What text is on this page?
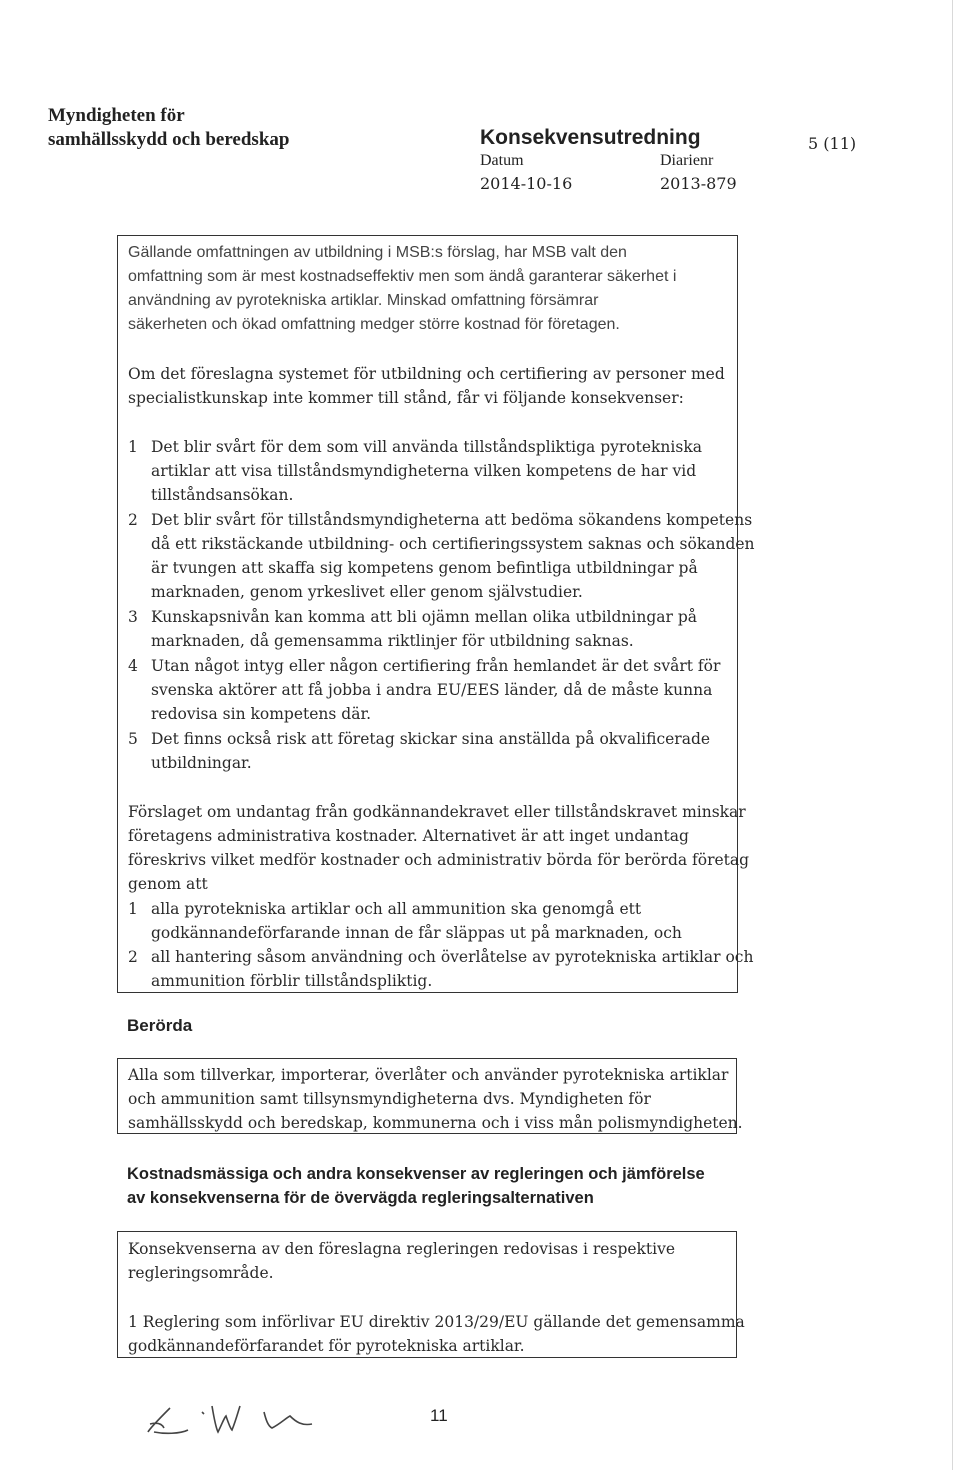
Myndigheten för
samhällsskydd och beredskap	Konsekvensutredning
Datum	Diarienr
2014-10-16	2013-879
5 (11)
Gällande omfattningen av utbildning i MSB:s förslag, har MSB valt den
omfattning som är mest kostnadseffektiv men som ändå garanterar säkerhet i
användning av pyrotekniska artiklar. Minskad omfattning försämrar
säkerheten och ökad omfattning medger större kostnad för företagen.
Om det föreslagna systemet för utbildning och certifiering av personer med
specialistkunskap inte kommer till stånd, får vi följande konsekvenser:
1 Det blir svårt för dem som vill använda tillståndspliktiga pyrotekniska
artiklar att visa tillståndsmyndigheterna vilken kompetens de har vid
tillståndsansökan.
2 Det blir svårt för tillståndsmyndigheterna att bedöma sökandens kompetens
då ett rikstäckande utbildning- och certifieringssystem saknas och sökanden
är tvungen att skaffa sig kompetens genom befintliga utbildningar på
marknaden, genom yrkeslivet eller genom självstudier.
3 Kunskapsnivån kan komma att bli ojämn mellan olika utbildningar på
marknaden, då gemensamma riktlinjer för utbildning saknas.
4 Utan något intyg eller någon certifiering från hemlandet är det svårt för
svenska aktörer att få jobba i andra EU/EES länder, då de måste kunna
redovisa sin kompetens där.
5 Det finns också risk att företag skickar sina anställda på okvalificerade
utbildningar.
Förslaget om undantag från godkännandekravet eller tillståndskravet minskar
företagens administrativa kostnader. Alternativet är att inget undantag
föreskrivs vilket medför kostnader och administrativ börda för berörda företag
genom att
1 alla pyrotekniska artiklar och all ammunition ska genomgå ett
godkännandeförfarande innan de får släppas ut på marknaden, och
2 all hantering såsom användning och överlåtelse av pyrotekniska artiklar och
ammunition förblir tillståndspliktig.
Berörda
Alla som tillverkar, importerar, överlåter och använder pyrotekniska artiklar
och ammunition samt tillsynsmyndigheterna dvs. Myndigheten för
samhällsskydd och beredskap, kommunerna och i viss mån polismyndigheten.
Kostnadsmässiga och andra konsekvenser av regleringen och jämförelse
av konsekvenserna för de övervägda regleringsalternativen
Konsekvenserna av den föreslagna regleringen redovisas i respektive
regleringsområde.
1 Reglering som införlivar EU direktiv 2013/29/EU gällande det gemensamma
godkännandeförfarandet för pyrotekniska artiklar.
11
